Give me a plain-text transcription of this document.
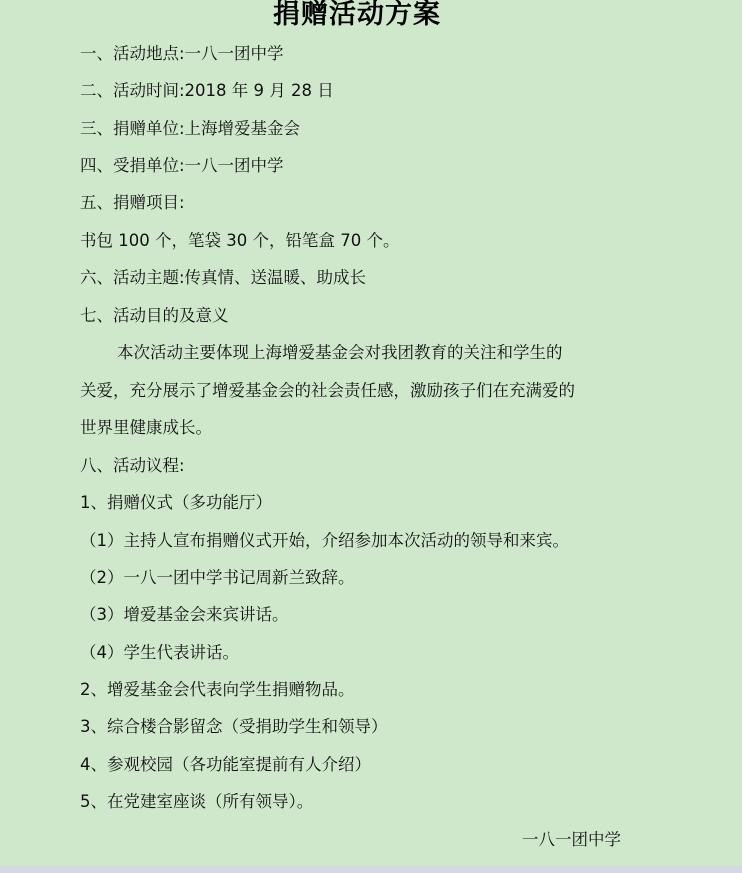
捐赠活动方案
一、活动地点:一八一团中学
二、活动时间:2018 年 9 月 28 日
三、捐赠单位:上海增爱基金会
四、受捐单位:一八一团中学
五、捐赠项目:
书包 100 个，笔袋 30 个，铅笔盒 70 个。
六、活动主题:传真情、送温暖、助成长
七、活动目的及意义
本次活动主要体现上海增爱基金会对我团教育的关注和学生的
关爱，充分展示了增爱基金会的社会责任感，激励孩子们在充满爱的
世界里健康成长。
八、活动议程:
1、捐赠仪式（多功能厅）
（1）主持人宣布捐赠仪式开始，介绍参加本次活动的领导和来宾。
（2）一八一团中学书记周新兰致辞。
（3）增爱基金会来宾讲话。
（4）学生代表讲话。
2、增爱基金会代表向学生捐赠物品。
3、综合楼合影留念（受捐助学生和领导）
4、参观校园（各功能室提前有人介绍）
5、在党建室座谈（所有领导）。
一八一团中学
